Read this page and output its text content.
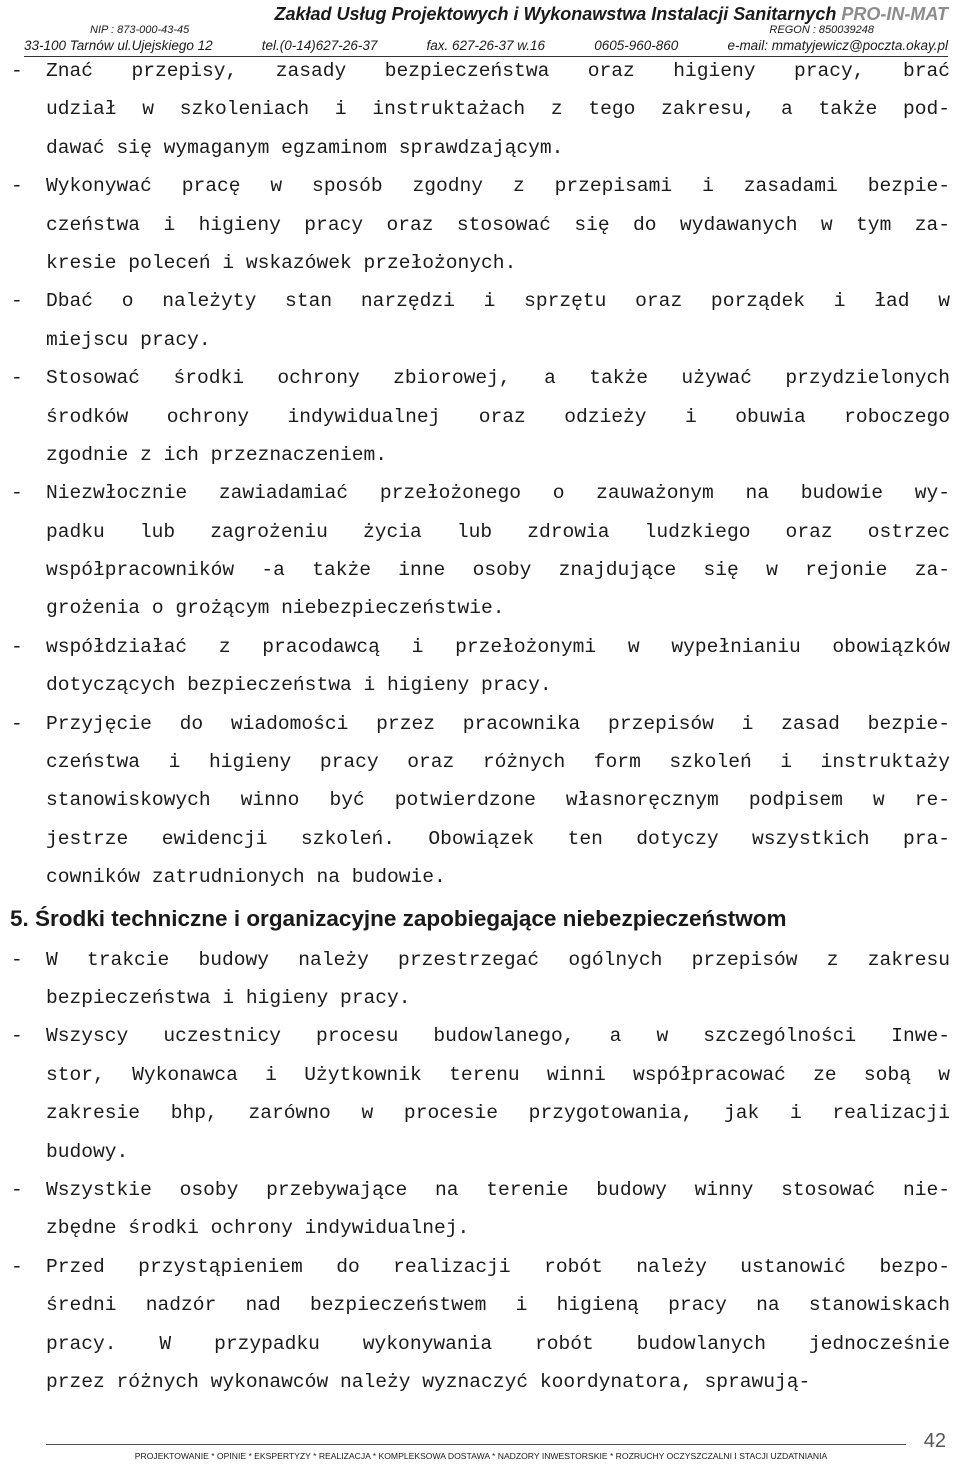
Zakład Usług Projektowych i Wykonawstwa Instalacji Sanitarnych PRO-IN-MAT
NIP : 873-000-43-45	REGON : 850039248
33-100 Tarnów ul.Ujejskiego 12	tel.(0-14)627-26-37	fax. 627-26-37 w.16	0605-960-860	e-mail: mmatyjewicz@poczta.okay.pl
- Znać przepisy, zasady bezpieczeństwa oraz higieny pracy, brać
udział w szkoleniach i instruktażach z tego zakresu, a także pod-
dawać się wymaganym egzaminom sprawdzającym.
- Wykonywać pracę w sposób zgodny z przepisami i zasadami bezpie-
czeństwa i higieny pracy oraz stosować się do wydawanych w tym za-
kresie poleceń i wskazówek przełożonych.
- Dbać o należyty stan narzędzi i sprzętu oraz porządek i ład w
miejscu pracy.
- Stosować środki ochrony zbiorowej, a także używać przydzielonych
środków ochrony indywidualnej oraz odzieży i obuwia roboczego
zgodnie z ich przeznaczeniem.
- Niezwłocznie zawiadamiać przełożonego o zauważonym na budowie wy-
padku lub zagrożeniu życia lub zdrowia ludzkiego oraz ostrzec
współpracowników -a także inne osoby znajdujące się w rejonie za-
grożenia o grożącym niebezpieczeństwie.
- współdziałać z pracodawcą i przełożonymi w wypełnianiu obowiązków
dotyczących bezpieczeństwa i higieny pracy.
- Przyjęcie do wiadomości przez pracownika przepisów i zasad bezpie-
czeństwa i higieny pracy oraz różnych form szkoleń i instruktaży
stanowiskowych winno być potwierdzone własnoręcznym podpisem w re-
jestrze ewidencji szkoleń. Obowiązek ten dotyczy wszystkich pra-
cowników zatrudnionych na budowie.
5. Środki techniczne i organizacyjne zapobiegające niebezpieczeństwom
- W trakcie budowy należy przestrzegać ogólnych przepisów z zakresu
bezpieczeństwa i higieny pracy.
- Wszyscy uczestnicy procesu budowlanego, a w szczególności Inwe-
stor, Wykonawca i Użytkownik terenu winni współpracować ze sobą w
zakresie bhp, zarówno w procesie przygotowania, jak i realizacji
budowy.
- Wszystkie osoby przebywające na terenie budowy winny stosować nie-
zbędne środki ochrony indywidualnej.
- Przed przystąpieniem do realizacji robót należy ustanowić bezpo-
średni nadzór nad bezpieczeństwem i higieną pracy na stanowiskach
pracy. W przypadku wykonywania robót budowlanych jednocześnie
przez różnych wykonawców należy wyznaczyć koordynatora, sprawują-
42
PROJEKTOWANIE * OPINIE * EKSPERTYZY * REALIZACJA * KOMPLEKSOWA DOSTAWA * NADZORY INWESTORSKIE * ROZRUCHY OCZYSZCZALNI I STACJI UZDATNIANIA
